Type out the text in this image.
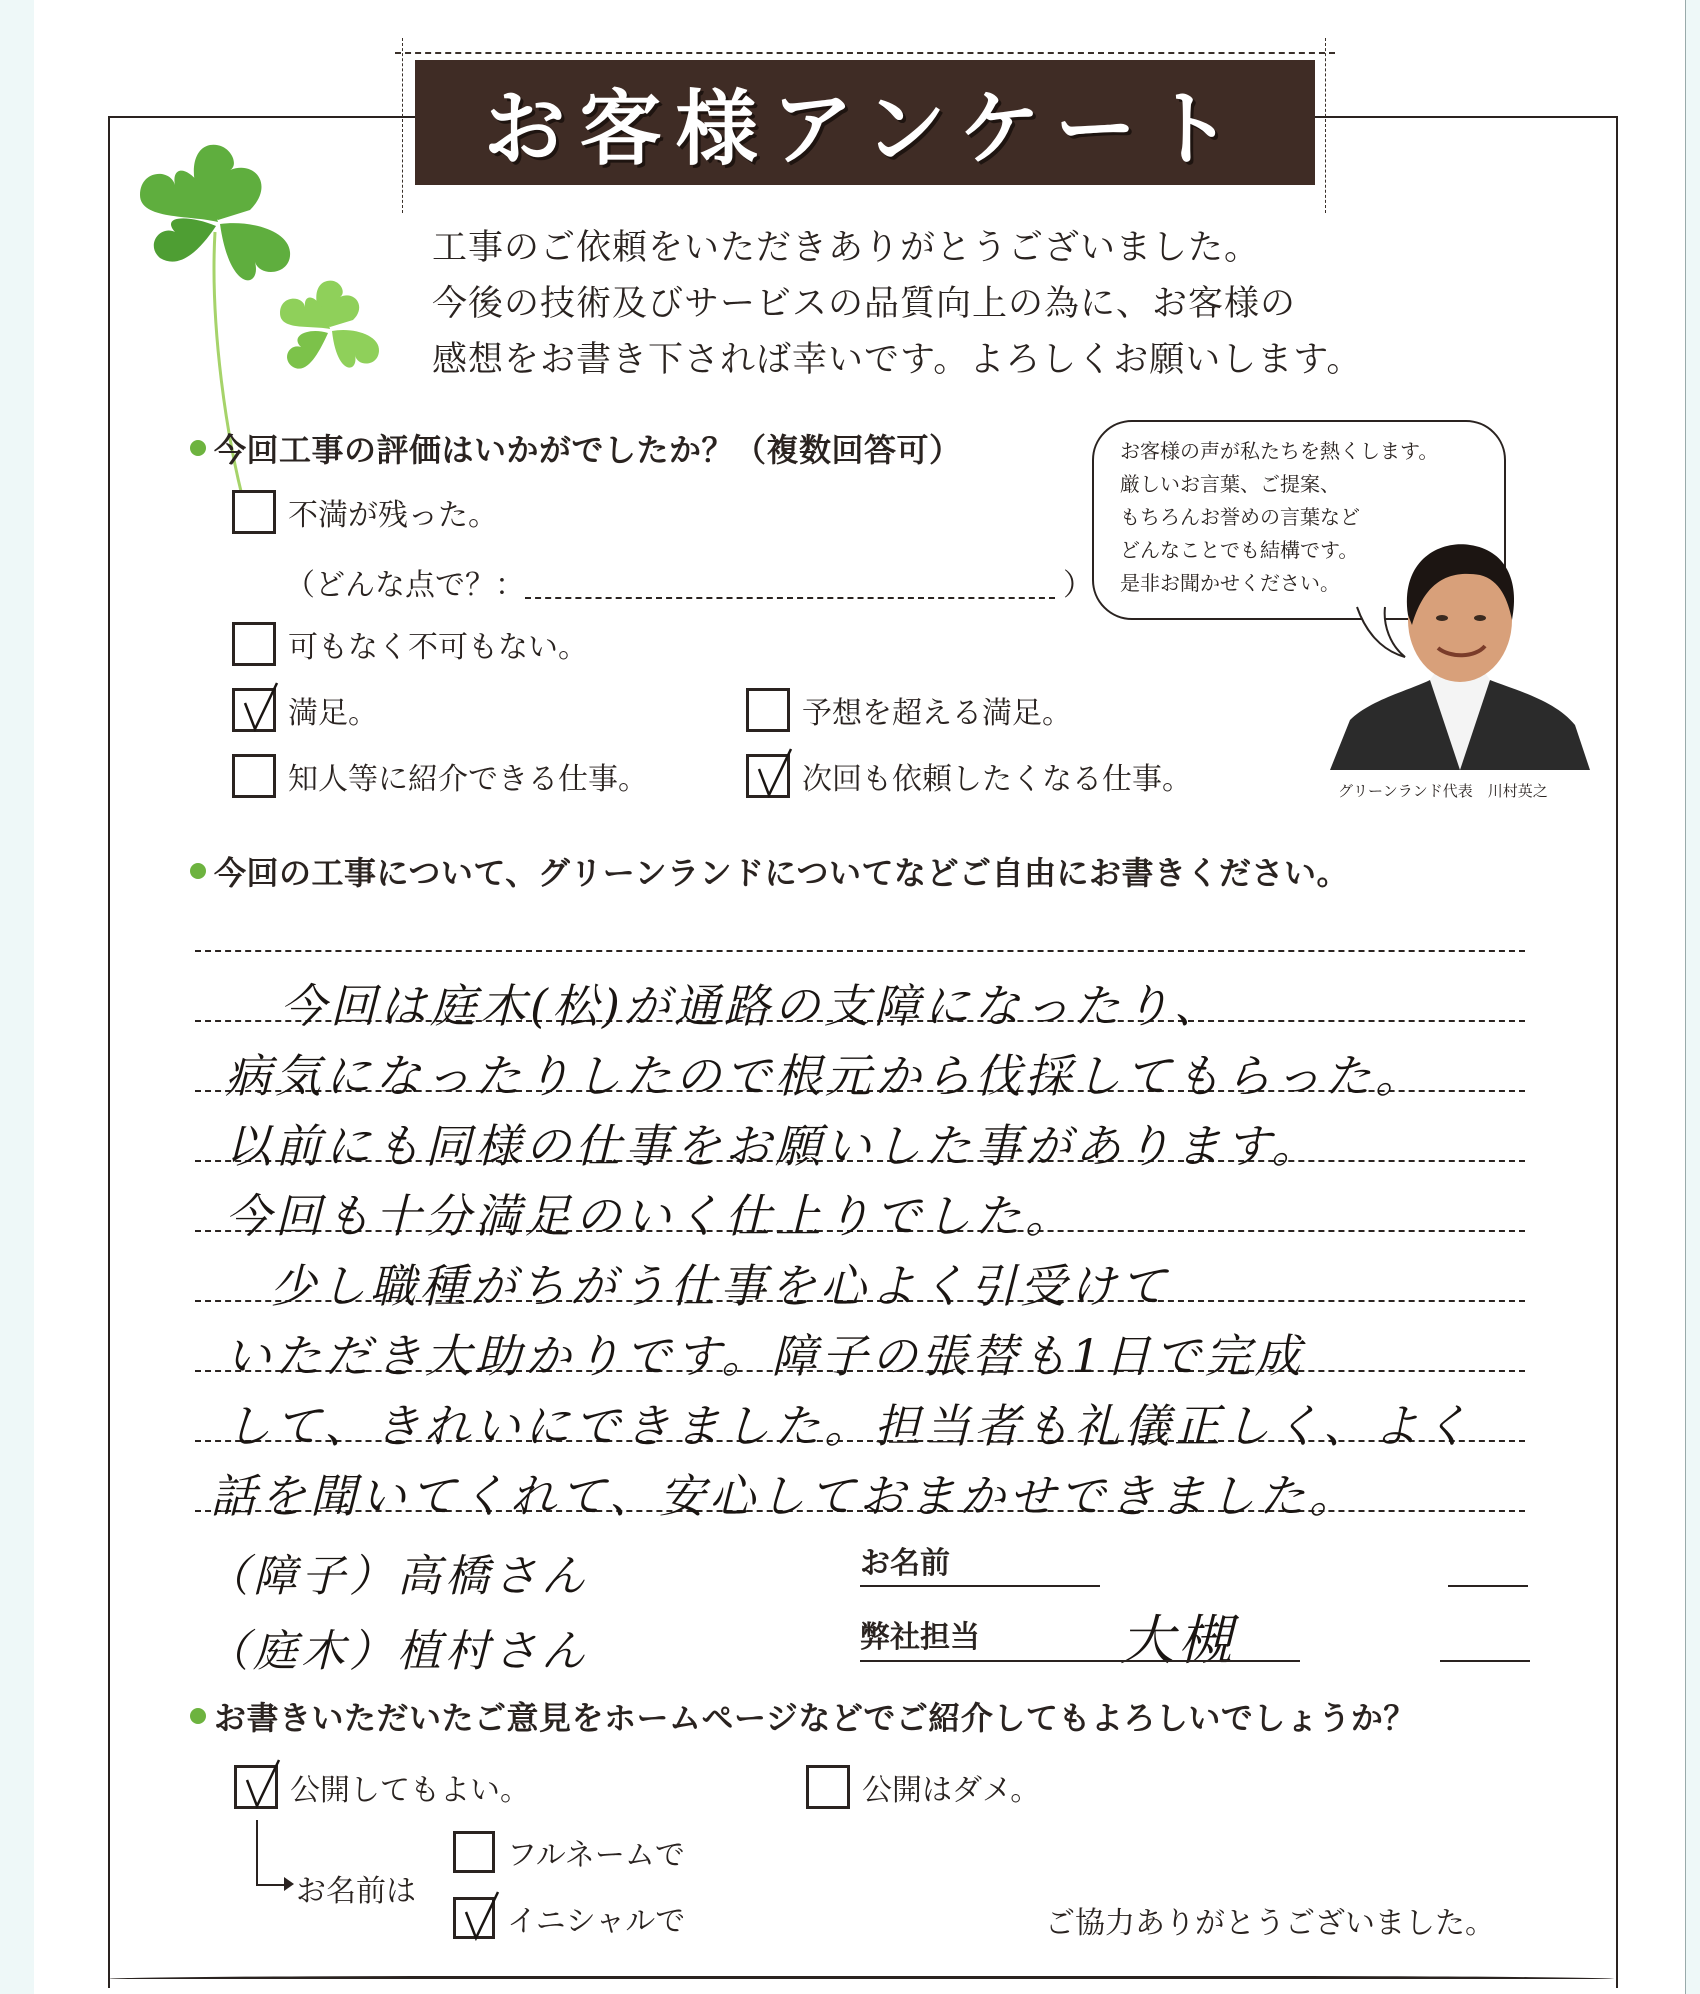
お客様アンケート
工事のご依頼をいただきありがとうございました。
今後の技術及びサービスの品質向上の為に、お客様の
感想をお書き下されば幸いです。よろしくお願いします。
お客様の声が私たちを熱くします。
厳しいお言葉、ご提案、
もちろんお誉めの言葉など
どんなことでも結構です。
是非お聞かせください。
グリーンランド代表　川村英之
今回工事の評価はいかがでしたか？（複数回答可）
不満が残った。
（どんな点で？：	）
可もなく不可もない。
満足。	予想を超える満足。
知人等に紹介できる仕事。	次回も依頼したくなる仕事。
今回の工事について、グリーンランドについてなどご自由にお書きください。
今回は庭木(松)が通路の支障になったり、
病気になったりしたので根元から伐採してもらった。
以前にも同様の仕事をお願いした事があります。
今回も十分満足のいく仕上りでした。
少し職種がちがう仕事を心よく引受けて
いただき大助かりです。障子の張替も1日で完成
して、きれいにできました。担当者も礼儀正しく、よく
話を聞いてくれて、安心しておまかせできました。
（障子）高橋さん
（庭木）植村さん
お名前
弊社担当	大槻
お書きいただいたご意見をホームページなどでご紹介してもよろしいでしょうか？
公開してもよい。	公開はダメ。
お名前は
フルネームで
イニシャルで	ご協力ありがとうございました。
